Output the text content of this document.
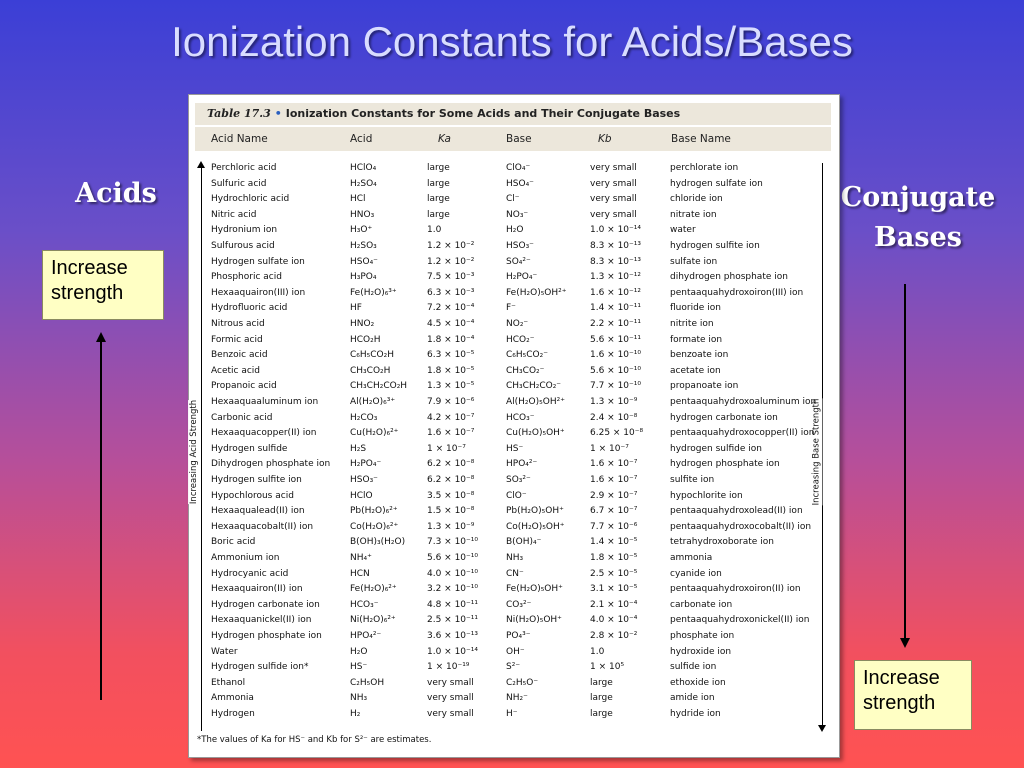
Ionization Constants for Acids/Bases
Acids	Conjugate
Bases
Increase
strength
Increase
strength
Table 17.3 • Ionization Constants for Some Acids and Their Conjugate Bases
Acid Name	Acid	Ka	Base	Kb	Base Name
Increasing Acid Strength	Increasing Base Strength
Perchloric acid	HClO₄	large	ClO₄⁻	very small	perchlorate ion
Sulfuric acid	H₂SO₄	large	HSO₄⁻	very small	hydrogen sulfate ion
Hydrochloric acid	HCl	large	Cl⁻	very small	chloride ion
Nitric acid	HNO₃	large	NO₃⁻	very small	nitrate ion
Hydronium ion	H₃O⁺	1.0	H₂O	1.0 × 10⁻¹⁴	water
Sulfurous acid	H₂SO₃	1.2 × 10⁻²	HSO₃⁻	8.3 × 10⁻¹³	hydrogen sulfite ion
Hydrogen sulfate ion	HSO₄⁻	1.2 × 10⁻²	SO₄²⁻	8.3 × 10⁻¹³	sulfate ion
Phosphoric acid	H₃PO₄	7.5 × 10⁻³	H₂PO₄⁻	1.3 × 10⁻¹²	dihydrogen phosphate ion
Hexaaquairon(III) ion	Fe(H₂O)₆³⁺	6.3 × 10⁻³	Fe(H₂O)₅OH²⁺	1.6 × 10⁻¹²	pentaaquahydroxoiron(III) ion
Hydrofluoric acid	HF	7.2 × 10⁻⁴	F⁻	1.4 × 10⁻¹¹	fluoride ion
Nitrous acid	HNO₂	4.5 × 10⁻⁴	NO₂⁻	2.2 × 10⁻¹¹	nitrite ion
Formic acid	HCO₂H	1.8 × 10⁻⁴	HCO₂⁻	5.6 × 10⁻¹¹	formate ion
Benzoic acid	C₆H₅CO₂H	6.3 × 10⁻⁵	C₆H₅CO₂⁻	1.6 × 10⁻¹⁰	benzoate ion
Acetic acid	CH₃CO₂H	1.8 × 10⁻⁵	CH₃CO₂⁻	5.6 × 10⁻¹⁰	acetate ion
Propanoic acid	CH₃CH₂CO₂H 1.3 × 10⁻⁵	CH₃CH₂CO₂⁻	7.7 × 10⁻¹⁰	propanoate ion
Hexaaquaaluminum ion	Al(H₂O)₆³⁺	7.9 × 10⁻⁶	Al(H₂O)₅OH²⁺	1.3 × 10⁻⁹	pentaaquahydroxoaluminum ion
Carbonic acid	H₂CO₃	4.2 × 10⁻⁷	HCO₃⁻	2.4 × 10⁻⁸	hydrogen carbonate ion
Hexaaquacopper(II) ion	Cu(H₂O)₆²⁺	1.6 × 10⁻⁷	Cu(H₂O)₅OH⁺	6.25 × 10⁻⁸	pentaaquahydroxocopper(II) ion
Hydrogen sulfide	H₂S	1 × 10⁻⁷	HS⁻	1 × 10⁻⁷	hydrogen sulfide ion
Dihydrogen phosphate ion H₂PO₄⁻	6.2 × 10⁻⁸	HPO₄²⁻	1.6 × 10⁻⁷	hydrogen phosphate ion
Hydrogen sulfite ion	HSO₃⁻	6.2 × 10⁻⁸	SO₃²⁻	1.6 × 10⁻⁷	sulfite ion
Hypochlorous acid	HClO	3.5 × 10⁻⁸	ClO⁻	2.9 × 10⁻⁷	hypochlorite ion
Hexaaqualead(II) ion	Pb(H₂O)₆²⁺	1.5 × 10⁻⁸	Pb(H₂O)₅OH⁺	6.7 × 10⁻⁷	pentaaquahydroxolead(II) ion
Hexaaquacobalt(II) ion	Co(H₂O)₆²⁺	1.3 × 10⁻⁹	Co(H₂O)₅OH⁺	7.7 × 10⁻⁶	pentaaquahydroxocobalt(II) ion
Boric acid	B(OH)₃(H₂O) 7.3 × 10⁻¹⁰	B(OH)₄⁻	1.4 × 10⁻⁵	tetrahydroxoborate ion
Ammonium ion	NH₄⁺	5.6 × 10⁻¹⁰	NH₃	1.8 × 10⁻⁵	ammonia
Hydrocyanic acid	HCN	4.0 × 10⁻¹⁰	CN⁻	2.5 × 10⁻⁵	cyanide ion
Hexaaquairon(II) ion	Fe(H₂O)₆²⁺	3.2 × 10⁻¹⁰	Fe(H₂O)₅OH⁺	3.1 × 10⁻⁵	pentaaquahydroxoiron(II) ion
Hydrogen carbonate ion	HCO₃⁻	4.8 × 10⁻¹¹	CO₃²⁻	2.1 × 10⁻⁴	carbonate ion
Hexaaquanickel(II) ion	Ni(H₂O)₆²⁺	2.5 × 10⁻¹¹	Ni(H₂O)₅OH⁺	4.0 × 10⁻⁴	pentaaquahydroxonickel(II) ion
Hydrogen phosphate ion	HPO₄²⁻	3.6 × 10⁻¹³	PO₄³⁻	2.8 × 10⁻²	phosphate ion
Water	H₂O	1.0 × 10⁻¹⁴	OH⁻	1.0	hydroxide ion
Hydrogen sulfide ion*	HS⁻	1 × 10⁻¹⁹	S²⁻	1 × 10⁵	sulfide ion
Ethanol	C₂H₅OH	very small	C₂H₅O⁻	large	ethoxide ion
Ammonia	NH₃	very small	NH₂⁻	large	amide ion
Hydrogen	H₂	very small	H⁻	large	hydride ion
*The values of Ka for HS⁻ and Kb for S²⁻ are estimates.
